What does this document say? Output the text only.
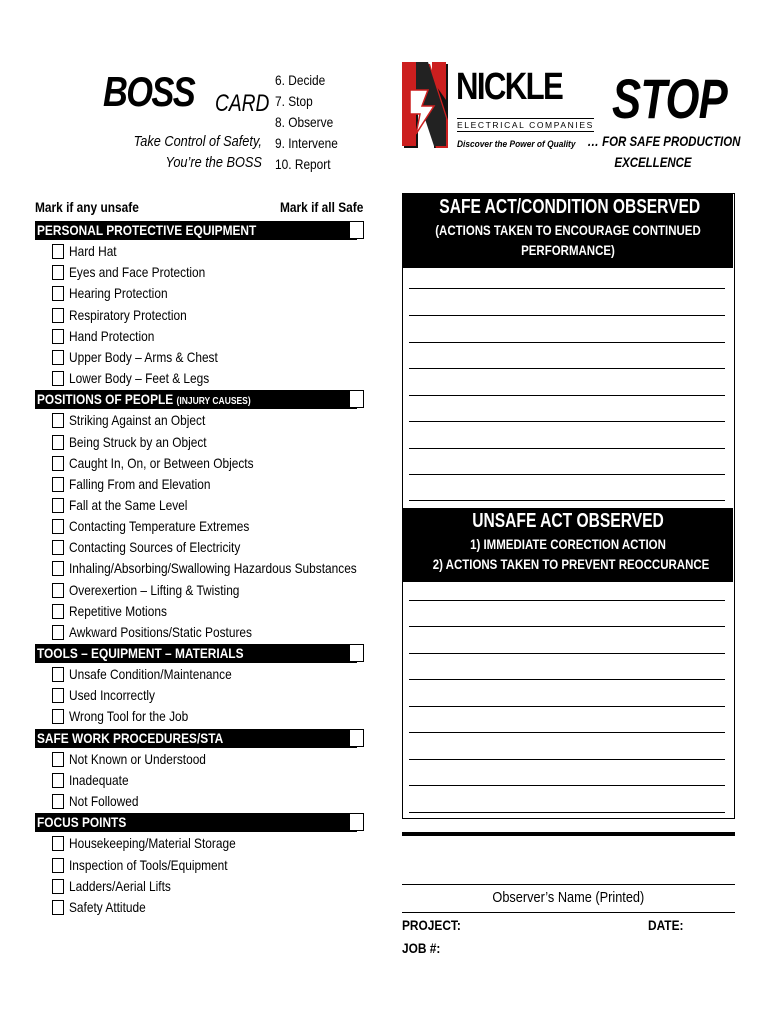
BOSS CARD
Take Control of Safety,
You’re the BOSS
6. Decide
7. Stop
8. Observe
9. Intervene
10. Report
NICKLE
ELECTRICAL COMPANIES
Discover the Power of Quality
STOP
… FOR SAFE PRODUCTION
EXCELLENCE
Mark if any unsafe	Mark if all Safe
PERSONAL PROTECTIVE EQUIPMENT
Hard Hat
Eyes and Face Protection
Hearing Protection
Respiratory Protection
Hand Protection
Upper Body – Arms & Chest
Lower Body – Feet & Legs
POSITIONS OF PEOPLE (INJURY CAUSES)
Striking Against an Object
Being Struck by an Object
Caught In, On, or Between Objects
Falling From and Elevation
Fall at the Same Level
Contacting Temperature Extremes
Contacting Sources of Electricity
Inhaling/Absorbing/Swallowing Hazardous Substances
Overexertion – Lifting & Twisting
Repetitive Motions
Awkward Positions/Static Postures
TOOLS – EQUIPMENT – MATERIALS
Unsafe Condition/Maintenance
Used Incorrectly
Wrong Tool for the Job
SAFE WORK PROCEDURES/STA
Not Known or Understood
Inadequate
Not Followed
FOCUS POINTS
Housekeeping/Material Storage
Inspection of Tools/Equipment
Ladders/Aerial Lifts
Safety Attitude
SAFE ACT/CONDITION OBSERVED
(ACTIONS TAKEN TO ENCOURAGE CONTINUED
PERFORMANCE)
UNSAFE ACT OBSERVED
1) IMMEDIATE CORECTION ACTION
2) ACTIONS TAKEN TO PREVENT REOCCURANCE
Observer’s Name (Printed)
PROJECT:	DATE:
JOB #:
